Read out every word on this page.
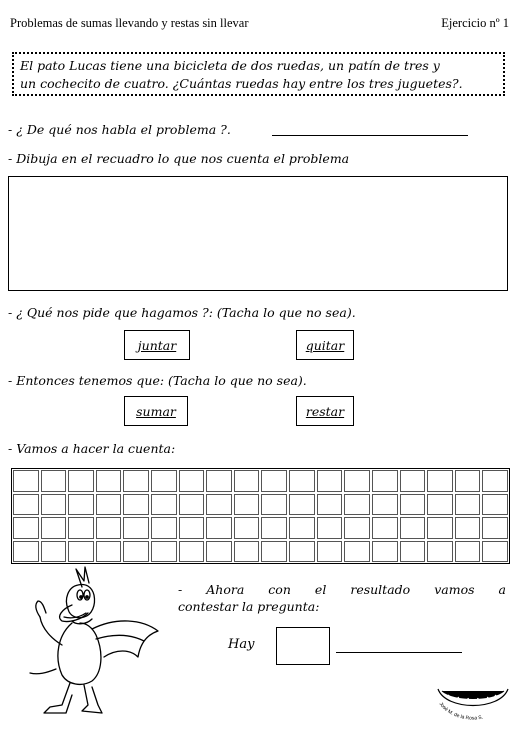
Problemas de sumas llevando y restas sin llevar	Ejercicio nº 1
El pato Lucas tiene una bicicleta de dos ruedas, un patín de tres y
un cochecito de cuatro. ¿Cuántas ruedas hay entre los tres juguetes?.
- ¿ De qué nos habla el problema ?.
- Dibuja en el recuadro lo que nos cuenta el problema
- ¿ Qué nos pide que hagamos ?: (Tacha lo que no sea).
juntar	quitar
- Entonces tenemos que: (Tacha lo que no sea).
sumar	restar
- Vamos a hacer la cuenta:
- Ahora con el resultado vamos a
contestar la pregunta:
Hay
José M. de la Rosa S.
